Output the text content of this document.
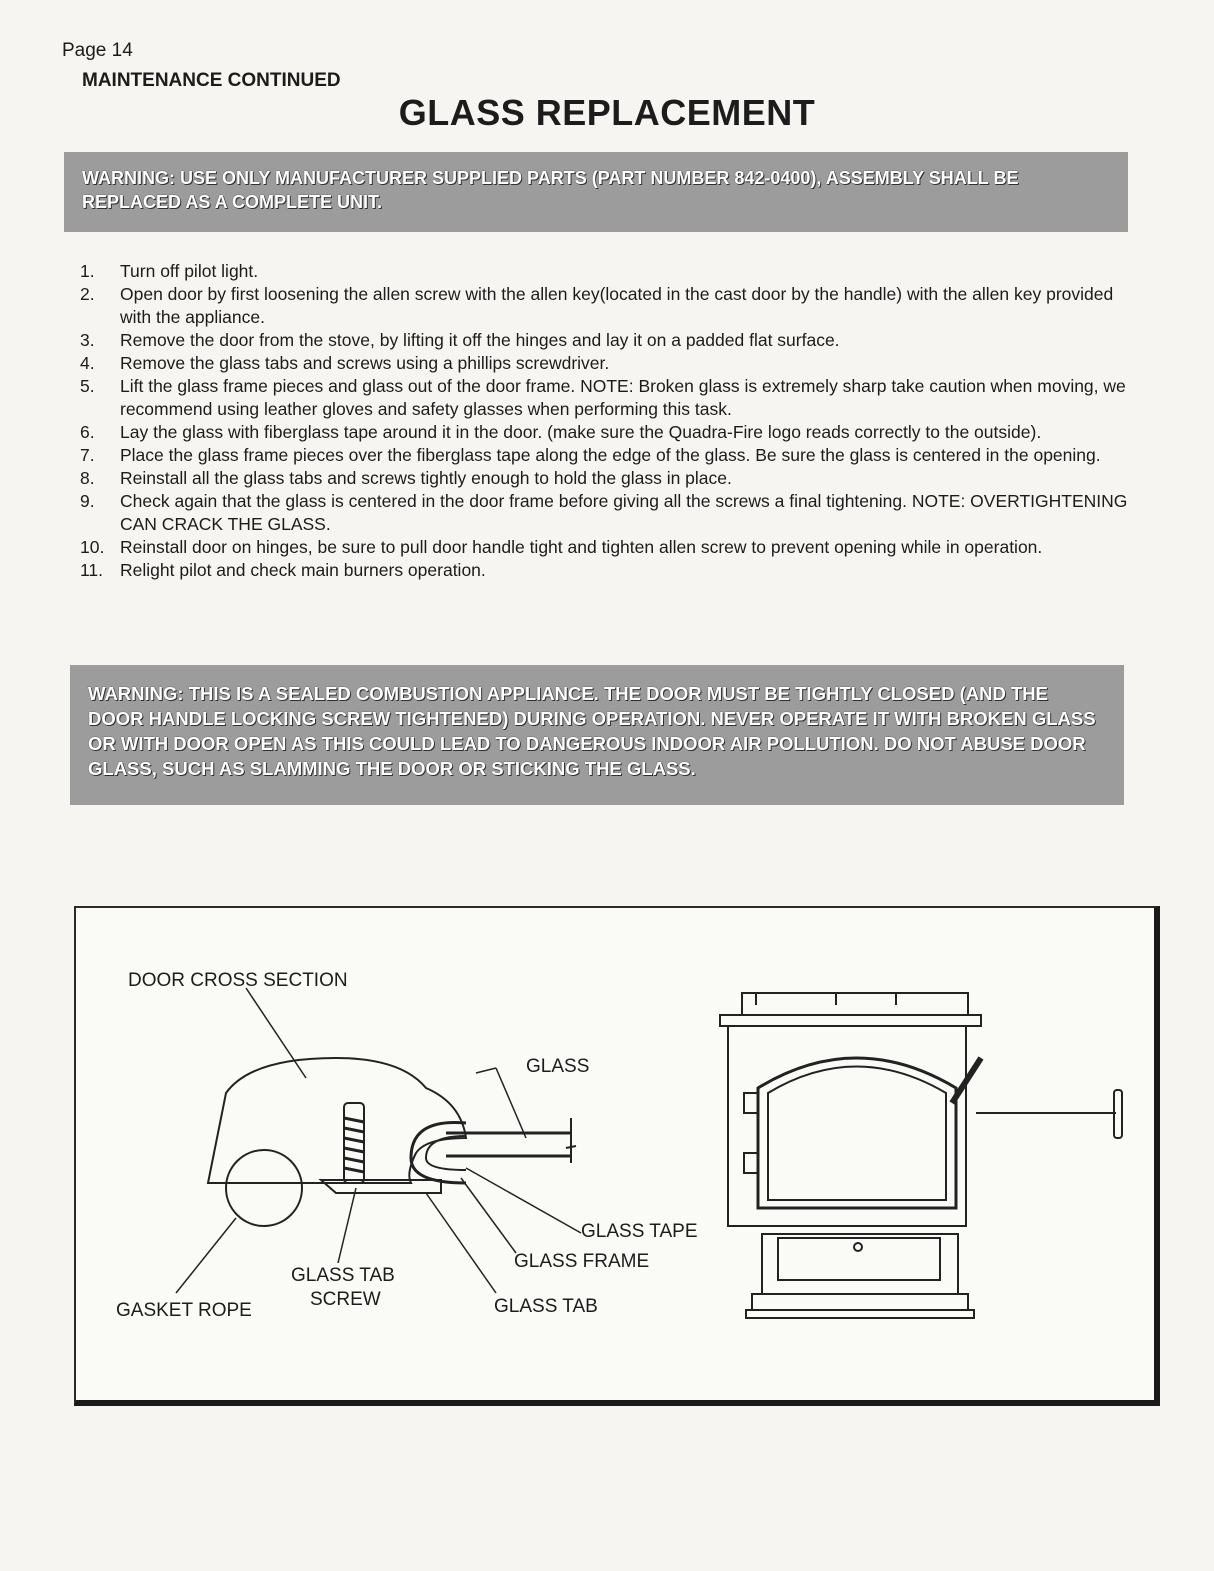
Page 14
MAINTENANCE CONTINUED
GLASS REPLACEMENT
WARNING: USE ONLY MANUFACTURER SUPPLIED PARTS (PART NUMBER 842-0400), ASSEMBLY SHALL BE REPLACED AS A COMPLETE UNIT.
1.	Turn off pilot light.
2.	Open door by first loosening the allen screw with the allen key(located in the cast door by the handle) with the allen key provided with the appliance.
3.	Remove the door from the stove, by lifting it off the hinges and lay it on a padded flat surface.
4.	Remove the glass tabs and screws using a phillips screwdriver.
5.	Lift the glass frame pieces and glass out of the door frame. NOTE: Broken glass is extremely sharp take caution when moving, we recommend using leather gloves and safety glasses when performing this task.
6.	Lay the glass with fiberglass tape around it in the door. (make sure the Quadra-Fire logo reads correctly to the outside).
7.	Place the glass frame pieces over the fiberglass tape along the edge of the glass. Be sure the glass is centered in the opening.
8.	Reinstall all the glass tabs and screws tightly enough to hold the glass in place.
9.	Check again that the glass is centered in the door frame before giving all the screws a final tightening. NOTE: OVERTIGHTENING CAN CRACK THE GLASS.
10. Reinstall door on hinges, be sure to pull door handle tight and tighten allen screw to prevent opening while in operation.
11. Relight pilot and check main burners operation.
WARNING: THIS IS A SEALED COMBUSTION APPLIANCE. THE DOOR MUST BE TIGHTLY CLOSED (AND THE DOOR HANDLE LOCKING SCREW TIGHTENED) DURING OPERATION. NEVER OPERATE IT WITH BROKEN GLASS OR WITH DOOR OPEN AS THIS COULD LEAD TO DANGEROUS INDOOR AIR POLLUTION. DO NOT ABUSE DOOR GLASS, SUCH AS SLAMMING THE DOOR OR STICKING THE GLASS.
DOOR CROSS SECTION
GLASS
GLASS TAPE
GLASS FRAME
GLASS TAB
GLASS TAB
SCREW
GASKET ROPE
